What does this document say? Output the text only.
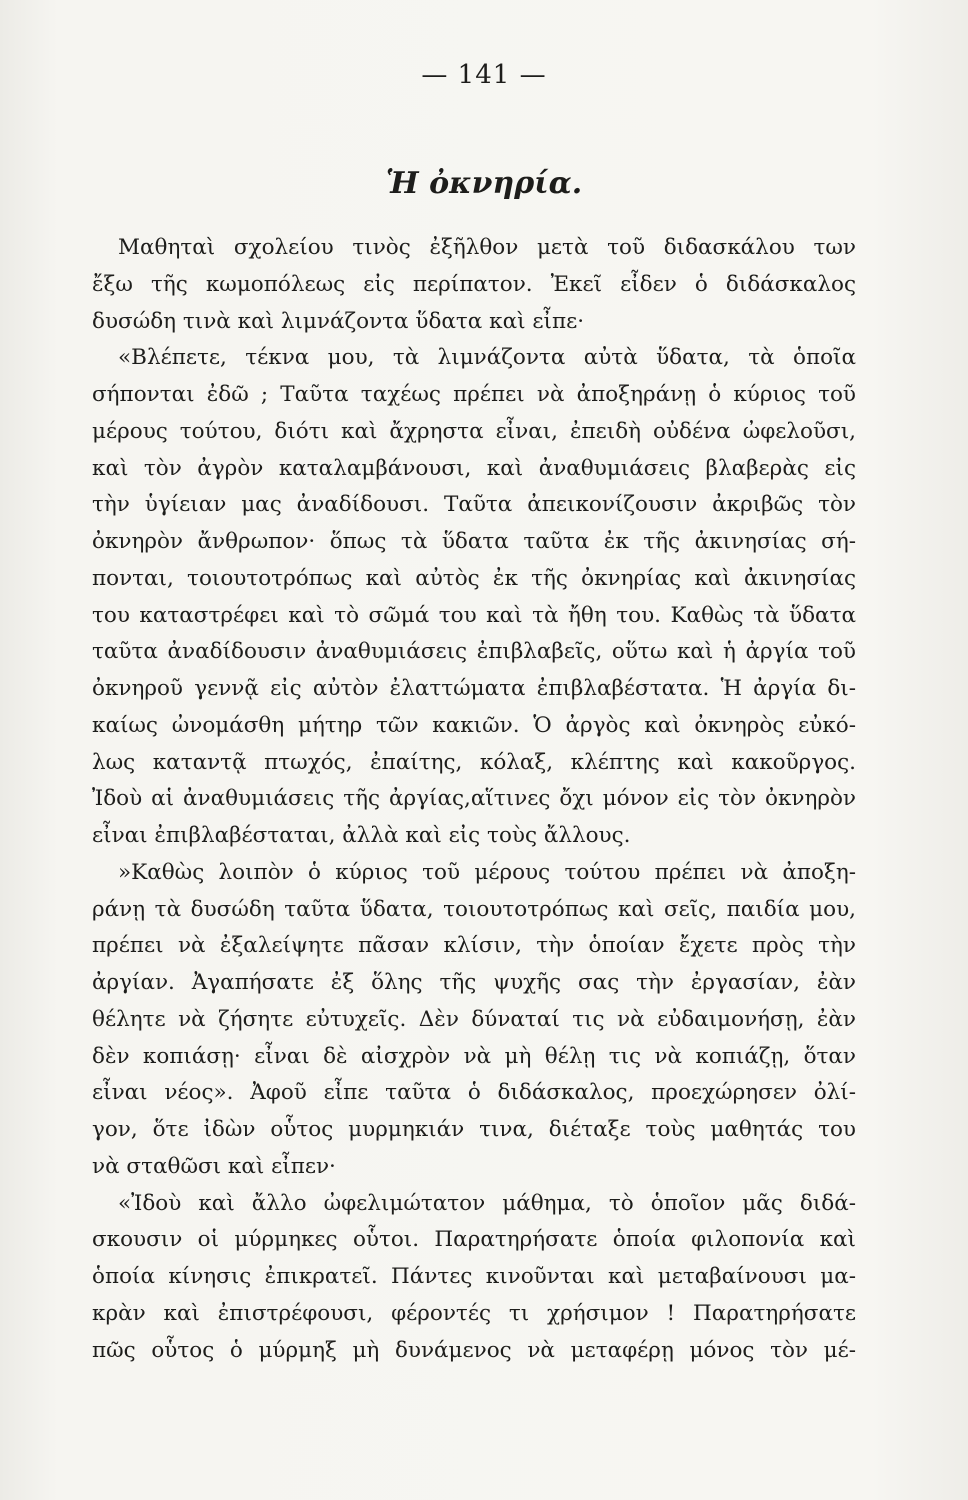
— 141 —
Ἡ ὀκνηρία.
Μαθηταὶ σχολείου τινὸς ἐξῆλθον μετὰ τοῦ διδασκάλου των
ἔξω τῆς κωμοπόλεως εἰς περίπατον. Ἐκεῖ εἶδεν ὁ διδάσκαλος
δυσώδη τινὰ καὶ λιμνάζοντα ὕδατα καὶ εἶπε·
«Βλέπετε, τέκνα μου, τὰ λιμνάζοντα αὐτὰ ὕδατα, τὰ ὁποῖα
σήπονται ἐδῶ ; Ταῦτα ταχέως πρέπει νὰ ἀποξηράνῃ ὁ κύριος τοῦ
μέρους τούτου, διότι καὶ ἄχρηστα εἶναι, ἐπειδὴ οὐδένα ὠφελοῦσι,
καὶ τὸν ἀγρὸν καταλαμβάνουσι, καὶ ἀναθυμιάσεις βλαβερὰς εἰς
τὴν ὑγίειαν μας ἀναδίδουσι. Ταῦτα ἀπεικονίζουσιν ἀκριβῶς τὸν
ὀκνηρὸν ἄνθρωπον· ὅπως τὰ ὕδατα ταῦτα ἐκ τῆς ἀκινησίας σή-
πονται, τοιουτοτρόπως καὶ αὐτὸς ἐκ τῆς ὀκνηρίας καὶ ἀκινησίας
του καταστρέφει καὶ τὸ σῶμά του καὶ τὰ ἤθη του. Καθὼς τὰ ὕδατα
ταῦτα ἀναδίδουσιν ἀναθυμιάσεις ἐπιβλαβεῖς, οὕτω καὶ ἡ ἀργία τοῦ
ὀκνηροῦ γεννᾷ εἰς αὐτὸν ἐλαττώματα ἐπιβλαβέστατα. Ἡ ἀργία δι-
καίως ὠνομάσθη μήτηρ τῶν κακιῶν. Ὁ ἀργὸς καὶ ὀκνηρὸς εὐκό-
λως καταντᾷ πτωχός, ἐπαίτης, κόλαξ, κλέπτης καὶ κακοῦργος.
Ἰδοὺ αἱ ἀναθυμιάσεις τῆς ἀργίας,αἵτινες ὄχι μόνον εἰς τὸν ὀκνηρὸν
εἶναι ἐπιβλαβέσταται, ἀλλὰ καὶ εἰς τοὺς ἄλλους.
»Καθὼς λοιπὸν ὁ κύριος τοῦ μέρους τούτου πρέπει νὰ ἀποξη-
ράνῃ τὰ δυσώδη ταῦτα ὕδατα, τοιουτοτρόπως καὶ σεῖς, παιδία μου,
πρέπει νὰ ἐξαλείψητε πᾶσαν κλίσιν, τὴν ὁποίαν ἔχετε πρὸς τὴν
ἀργίαν. Ἀγαπήσατε ἐξ ὅλης τῆς ψυχῆς σας τὴν ἐργασίαν, ἐὰν
θέλητε νὰ ζήσητε εὐτυχεῖς. Δὲν δύναταί τις νὰ εὐδαιμονήσῃ, ἐὰν
δὲν κοπιάσῃ· εἶναι δὲ αἰσχρὸν νὰ μὴ θέλῃ τις νὰ κοπιάζῃ, ὅταν
εἶναι νέος». Ἀφοῦ εἶπε ταῦτα ὁ διδάσκαλος, προεχώρησεν ὀλί-
γον, ὅτε ἰδὼν οὗτος μυρμηκιάν τινα, διέταξε τοὺς μαθητάς του
νὰ σταθῶσι καὶ εἶπεν·
«Ἰδοὺ καὶ ἄλλο ὠφελιμώτατον μάθημα, τὸ ὁποῖον μᾶς διδά-
σκουσιν οἱ μύρμηκες οὗτοι. Παρατηρήσατε ὁποία φιλοπονία καὶ
ὁποία κίνησις ἐπικρατεῖ. Πάντες κινοῦνται καὶ μεταβαίνουσι μα-
κρὰν καὶ ἐπιστρέφουσι, φέροντές τι χρήσιμον ! Παρατηρήσατε
πῶς οὗτος ὁ μύρμηξ μὴ δυνάμενος νὰ μεταφέρῃ μόνος τὸν μέ-
